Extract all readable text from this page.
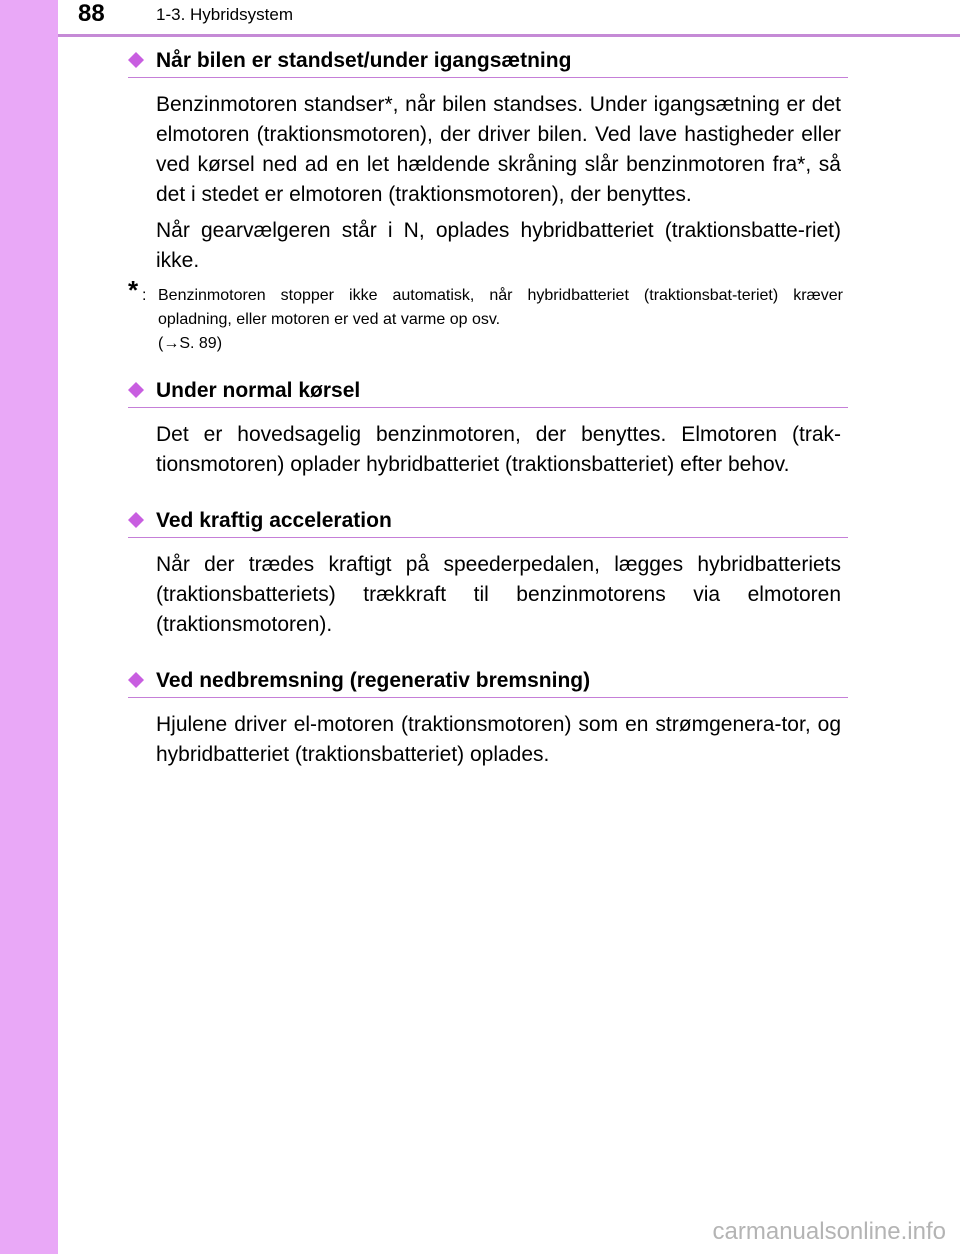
88	1-3. Hybridsystem
Når bilen er standset/under igangsætning

Benzinmotoren standser*, når bilen standses. Under igangsætning er det elmotoren (traktionsmotoren), der driver bilen. Ved lave hastigheder eller ved kørsel ned ad en let hældende skråning slår benzinmotoren fra*, så det i stedet er elmotoren (traktionsmotoren), der benyttes.

Når gearvælgeren står i N, oplades hybridbatteriet (traktionsbatte-riet) ikke.

* : Benzinmotoren stopper ikke automatisk, når hybridbatteriet (traktionsbat-teriet) kræver opladning, eller motoren er ved at varme op osv.
(→S. 89)
Under normal kørsel

Det er hovedsagelig benzinmotoren, der benyttes. Elmotoren (trak-tionsmotoren) oplader hybridbatteriet (traktionsbatteriet) efter behov.

Ved kraftig acceleration

Når der trædes kraftigt på speederpedalen, lægges hybridbatteriets (traktionsbatteriets) trækkraft til benzinmotorens via elmotoren (traktionsmotoren).

Ved nedbremsning (regenerativ bremsning)

Hjulene driver el-motoren (traktionsmotoren) som en strømgenera-tor, og hybridbatteriet (traktionsbatteriet) oplades.

carmanualsonline.info
